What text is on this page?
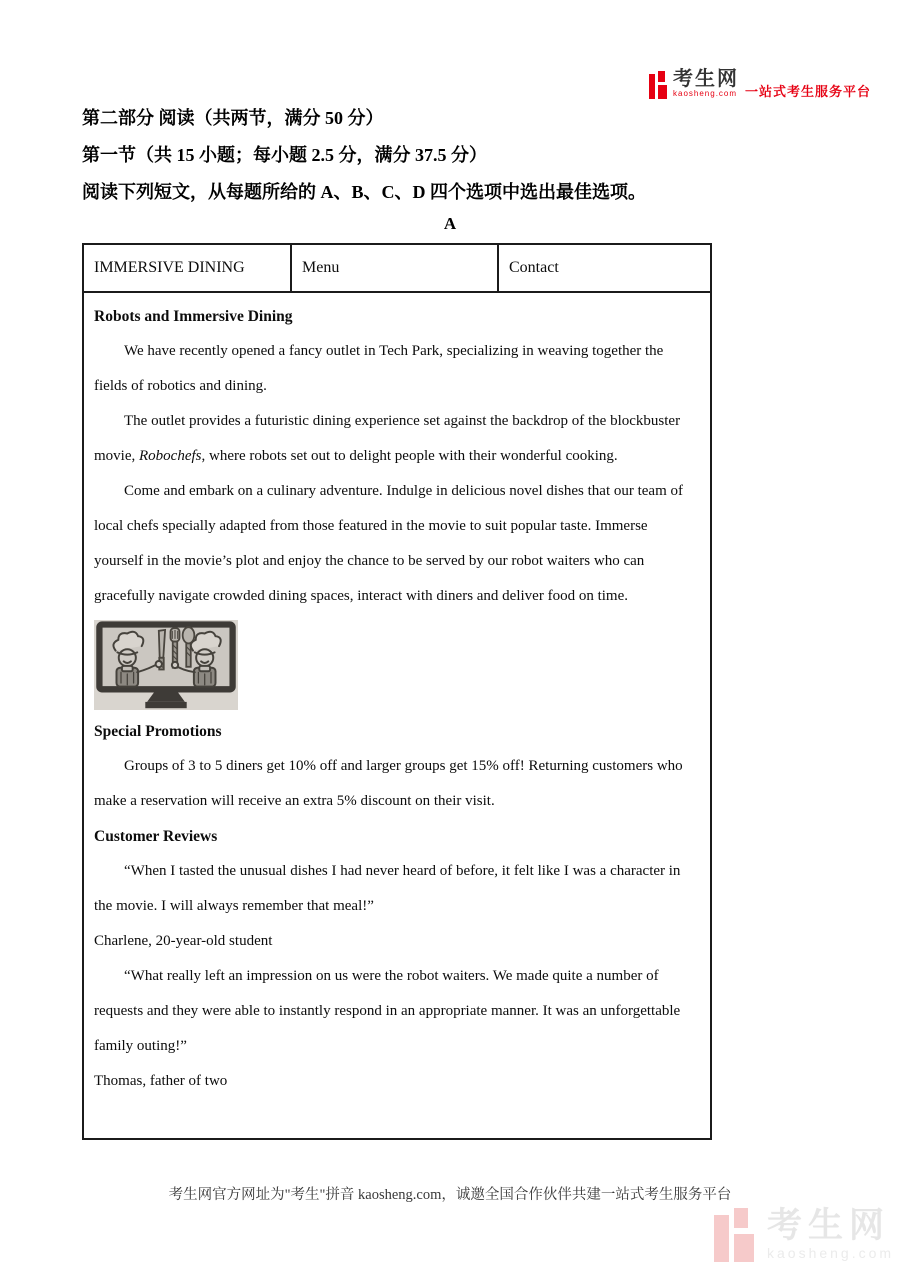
考生网
kaosheng.com 一站式考生服务平台
第二部分 阅读（共两节，满分 50 分）
第一节（共 15 小题；每小题 2.5 分，满分 37.5 分）
阅读下列短文，从每题所给的 A、B、C、D 四个选项中选出最佳选项。
A
IMMERSIVE DINING	Menu	Contact
Robots and Immersive Dining

We have recently opened a fancy outlet in Tech Park, specializing in weaving together the fields of robotics and dining.

The outlet provides a futuristic dining experience set against the backdrop of the blockbuster movie, Robochefs, where robots set out to delight people with their wonderful cooking.

Come and embark on a culinary adventure. Indulge in delicious novel dishes that our team of local chefs specially adapted from those featured in the movie to suit popular taste. Immerse yourself in the movie’s plot and enjoy the chance to be served by our robot waiters who can gracefully navigate crowded dining spaces, interact with diners and deliver food on time.

Special Promotions

Groups of 3 to 5 diners get 10% off and larger groups get 15% off! Returning customers who make a reservation will receive an extra 5% discount on their visit.

Customer Reviews

“When I tasted the unusual dishes I had never heard of before, it felt like I was a character in the movie. I will always remember that meal!”

Charlene, 20-year-old student

“What really left an impression on us were the robot waiters. We made quite a number of requests and they were able to instantly respond in an appropriate manner. It was an unforgettable family outing!”

Thomas, father of two

考生网官方网址为"考生"拼音 kaosheng.com，诚邀全国合作伙伴共建一站式考生服务平台
考生网
kaosheng.com
